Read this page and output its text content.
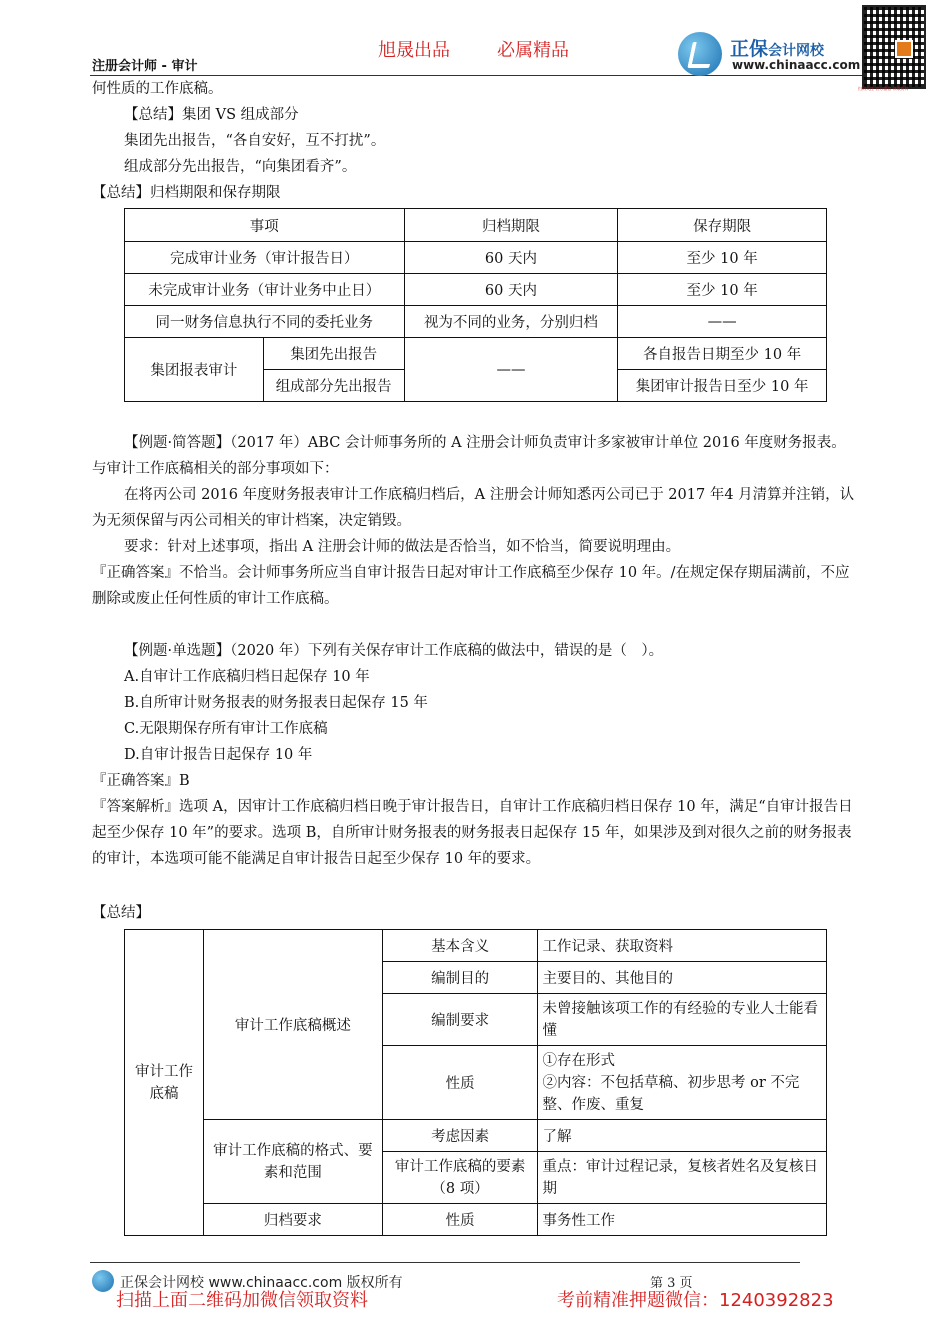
旭晟出品	必属精品
注册会计师 - 审计
正保会计网校
www.chinaacc.com
扫码关注 官方微信 领取资料
何性质的工作底稿。
【总结】集团 VS 组成部分
集团先出报告，“各自安好，互不打扰”。
组成部分先出报告，“向集团看齐”。
【总结】归档期限和保存期限
事项		归档期限	保存期限
完成审计业务（审计报告日）		60 天内	至少 10 年
未完成审计业务（审计业务中止日）		60 天内	至少 10 年
同一财务信息执行不同的委托业务		视为不同的业务，分别归档	——
集团报表审计	集团先出报告	——	各自报告日期至少 10 年
	组成部分先出报告		集团审计报告日至少 10 年
【例题·简答题】（2017 年）ABC 会计师事务所的 A 注册会计师负责审计多家被审计单位 2016 年度财务报表。与审计工作底稿相关的部分事项如下：
在将丙公司 2016 年度财务报表审计工作底稿归档后，A 注册会计师知悉丙公司已于 2017 年4 月清算并注销，认为无须保留与丙公司相关的审计档案，决定销毁。
要求：针对上述事项，指出 A 注册会计师的做法是否恰当，如不恰当，简要说明理由。
『正确答案』不恰当。会计师事务所应当自审计报告日起对审计工作底稿至少保存 10 年。/在规定保存期届满前，不应删除或废止任何性质的审计工作底稿。
【例题·单选题】（2020 年）下列有关保存审计工作底稿的做法中，错误的是（　）。
A.自审计工作底稿归档日起保存 10 年
B.自所审计财务报表的财务报表日起保存 15 年
C.无限期保存所有审计工作底稿
D.自审计报告日起保存 10 年
『正确答案』B
『答案解析』选项 A，因审计工作底稿归档日晚于审计报告日，自审计工作底稿归档日保存 10 年，满足“自审计报告日起至少保存 10 年”的要求。选项 B，自所审计财务报表的财务报表日起保存 15 年，如果涉及到对很久之前的财务报表的审计，本选项可能不能满足自审计报告日起至少保存 10 年的要求。
【总结】
审计工作底稿	审计工作底稿概述	基本含义	工作记录、获取资料
		编制目的	主要目的、其他目的
		编制要求	未曾接触该项工作的有经验的专业人士能看懂
		性质	①存在形式
②内容：不包括草稿、初步思考 or 不完整、作废、重复

	审计工作底稿的格式、要素和范围	考虑因素	了解
		审计工作底稿的要素（8 项）	重点：审计过程记录，复核者姓名及复核日期
	归档要求	性质	事务性工作
正保会计网校 www.chinaacc.com 版权所有	第 3 页
扫描上面二维码加微信领取资料	考前精准押题微信：1240392823
